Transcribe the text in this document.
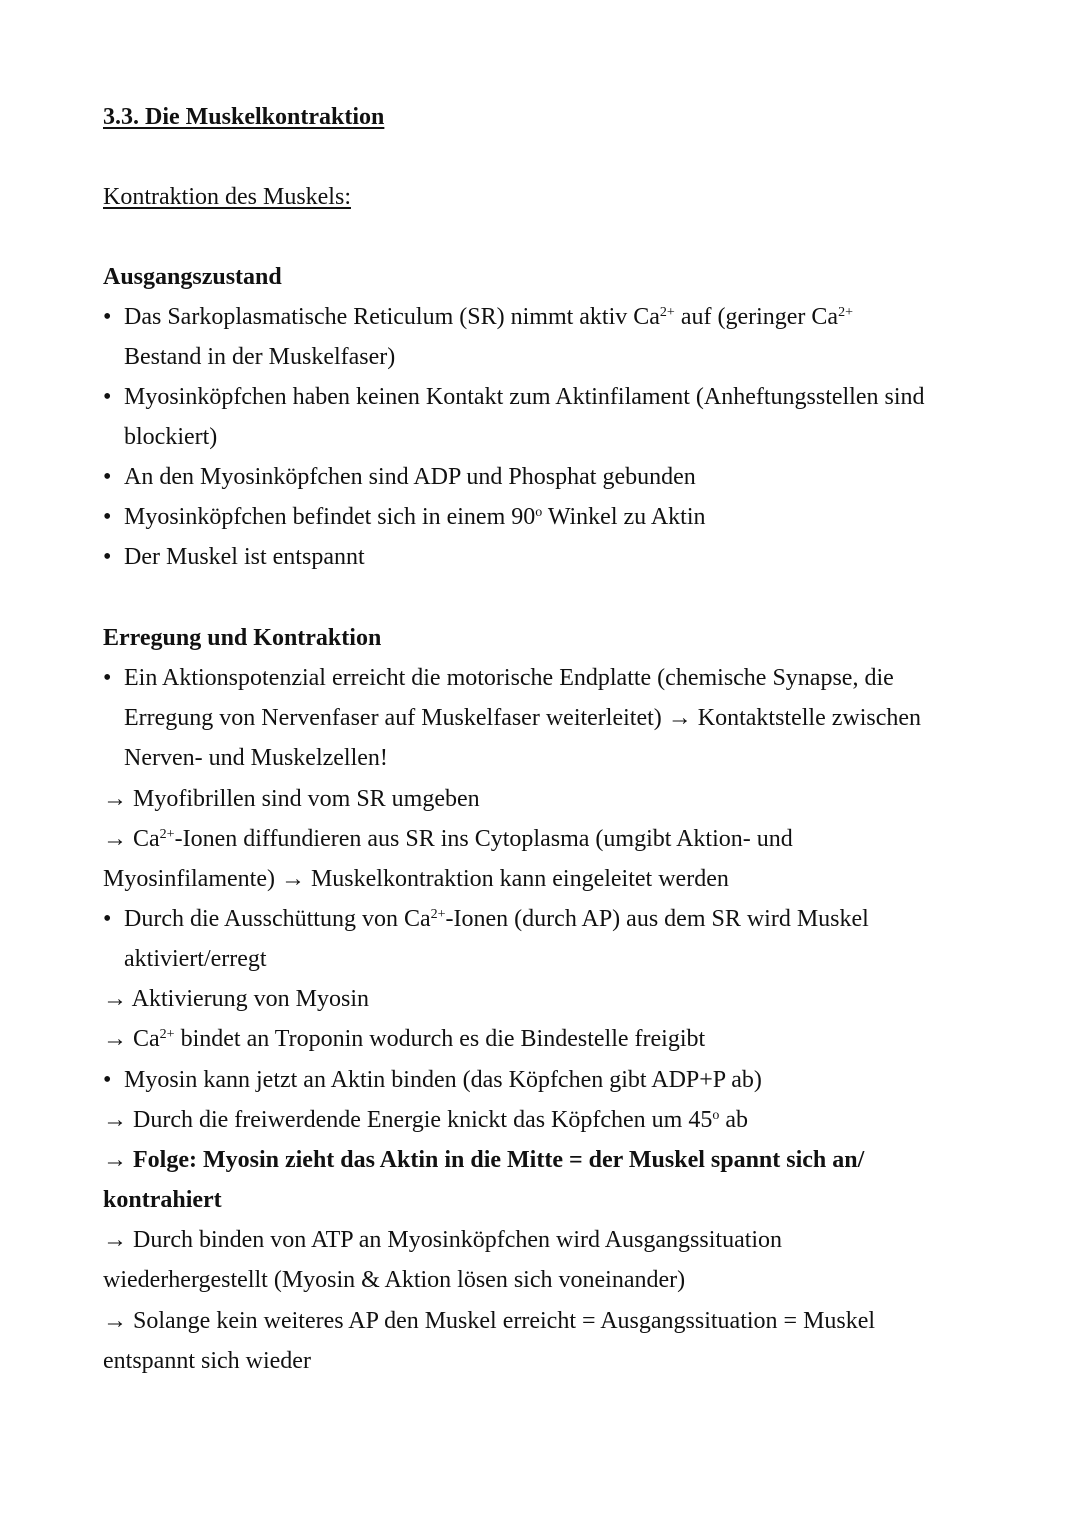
3.3. Die Muskelkontraktion
Kontraktion des Muskels:
Ausgangszustand
• Das Sarkoplasmatische Reticulum (SR) nimmt aktiv $Ca^{2+}$ auf (geringer $Ca^{2+}$
Bestand in der Muskelfaser)
• Myosinköpfchen haben keinen Kontakt zum Aktinfilament (Anheftungsstellen sind
blockiert)
• An den Myosinköpfchen sind ADP und Phosphat gebunden
• Myosinköpfchen befindet sich in einem 90$^o$ Winkel zu Aktin
• Der Muskel ist entspannt
Erregung und Kontraktion
• Ein Aktionspotenzial erreicht die motorische Endplatte (chemische Synapse, die
Erregung von Nervenfaser auf Muskelfaser weiterleitet) → Kontaktstelle zwischen
Nerven- und Muskelzellen!
→ Myofibrillen sind vom SR umgeben
→ $Ca^{2+}$-Ionen diffundieren aus SR ins Cytoplasma (umgibt Aktion- und
Myosinfilamente) → Muskelkontraktion kann eingeleitet werden
• Durch die Ausschüttung von $Ca^{2+}$-Ionen (durch AP) aus dem SR wird Muskel
aktiviert/erregt
→ Aktivierung von Myosin
→ $Ca^{2+}$ bindet an Troponin wodurch es die Bindestelle freigibt
• Myosin kann jetzt an Aktin binden (das Köpfchen gibt ADP+P ab)
→ Durch die freiwerdende Energie knickt das Köpfchen um 45$^o$ ab
→ Folge: Myosin zieht das Aktin in die Mitte = der Muskel spannt sich an/
kontrahiert
→ Durch binden von ATP an Myosinköpfchen wird Ausgangssituation
wiederhergestellt (Myosin & Aktion lösen sich voneinander)
→ Solange kein weiteres AP den Muskel erreicht = Ausgangssituation = Muskel
entspannt sich wieder
